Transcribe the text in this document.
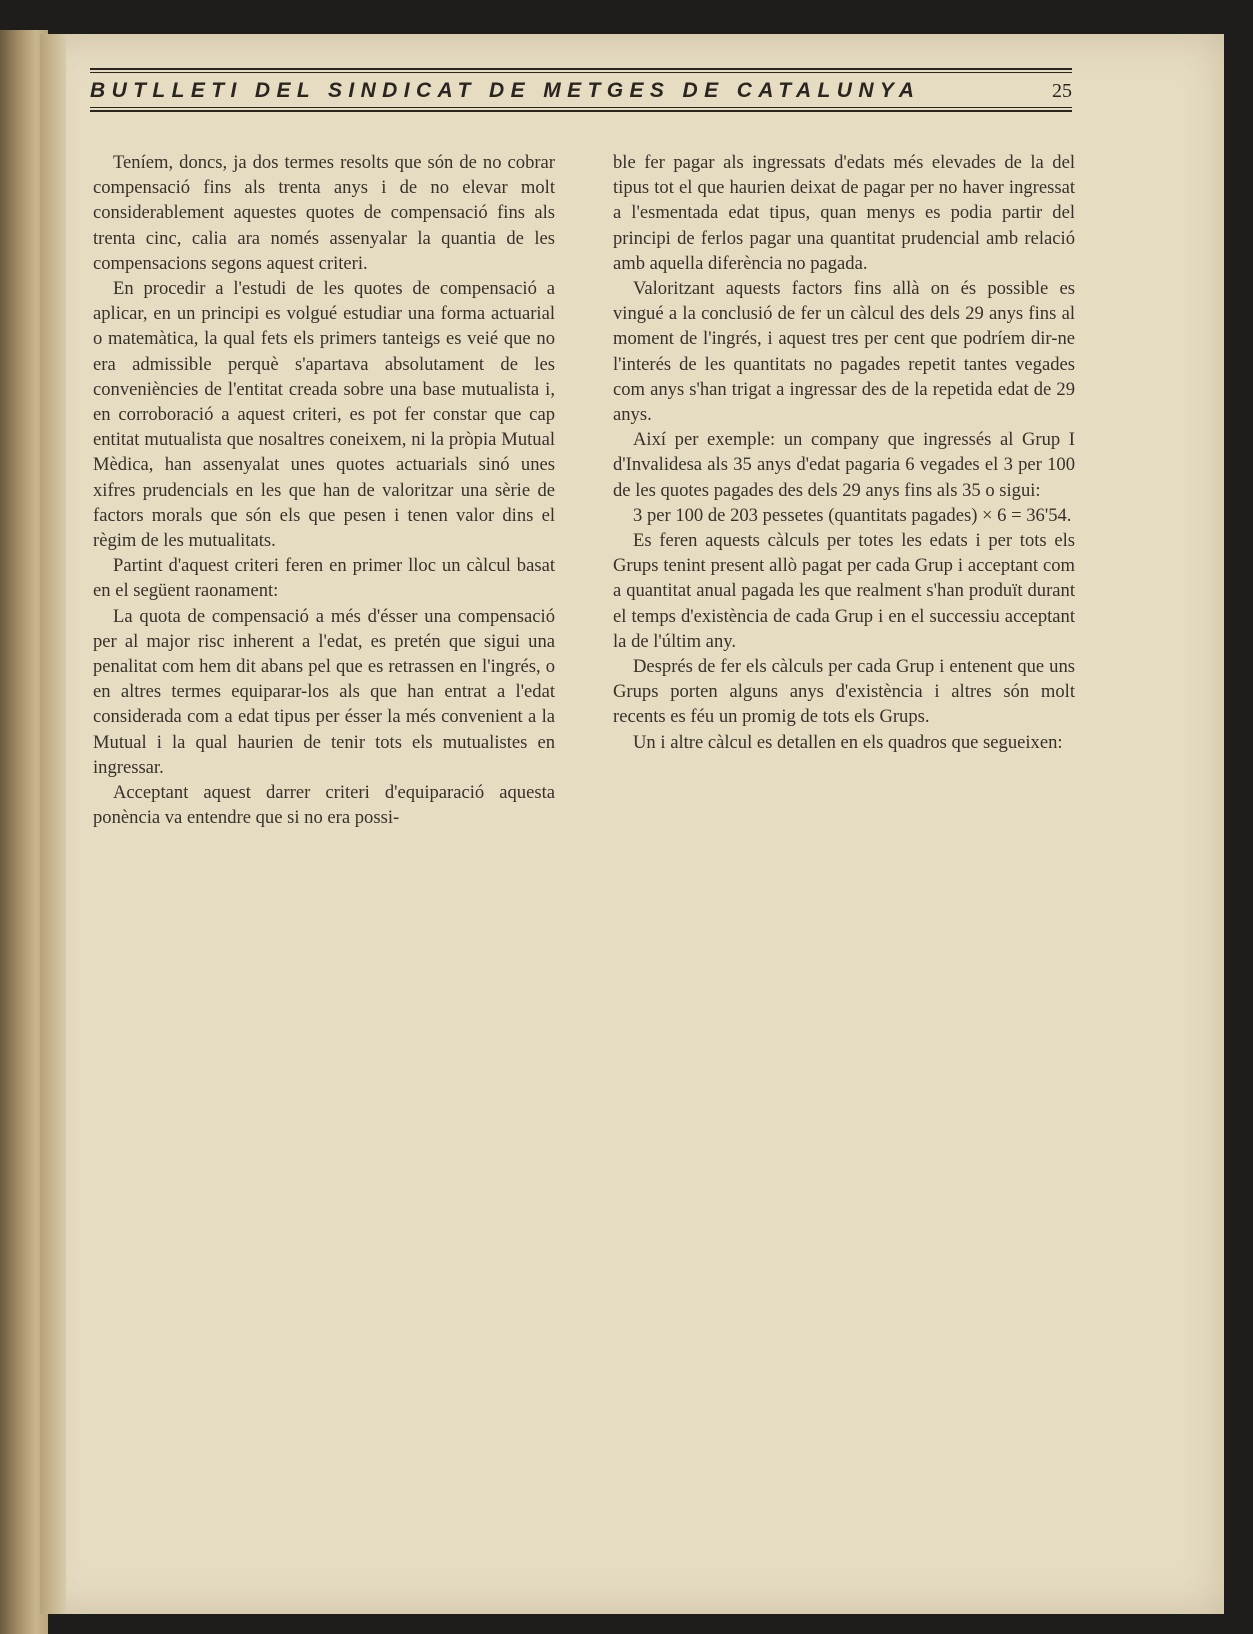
BUTLLETI DEL SINDICAT DE METGES DE CATALUNYA	25

Teníem, doncs, ja dos termes resolts que són de no cobrar compensació fins als trenta anys i de no elevar molt considerablement aquestes quotes de compensació fins als trenta cinc, calia ara només assenyalar la quantia de les compensacions segons aquest criteri.

En procedir a l'estudi de les quotes de compensació a aplicar, en un principi es volgué estudiar una forma actuarial o matemàtica, la qual fets els primers tanteigs es veié que no era admissible perquè s'apartava absolutament de les conveniències de l'entitat creada sobre una base mutualista i, en corroboració a aquest criteri, es pot fer constar que cap entitat mutualista que nosaltres coneixem, ni la pròpia Mutual Mèdica, han assenyalat unes quotes actuarials sinó unes xifres prudencials en les que han de valoritzar una sèrie de factors morals que són els que pesen i tenen valor dins el règim de les mutualitats.

Partint d'aquest criteri feren en primer lloc un càlcul basat en el següent raonament:

La quota de compensació a més d'ésser una compensació per al major risc inherent a l'edat, es pretén que sigui una penalitat com hem dit abans pel que es retrassen en l'ingrés, o en altres termes equiparar-los als que han entrat a l'edat considerada com a edat tipus per ésser la més convenient a la Mutual i la qual haurien de tenir tots els mutualistes en ingressar.

Acceptant aquest darrer criteri d'equiparació aquesta ponència va entendre que si no era possi-

ble fer pagar als ingressats d'edats més elevades de la del tipus tot el que haurien deixat de pagar per no haver ingressat a l'esmentada edat tipus, quan menys es podia partir del principi de ferlos pagar una quantitat prudencial amb relació amb aquella diferència no pagada.

Valoritzant aquests factors fins allà on és possible es vingué a la conclusió de fer un càlcul des dels 29 anys fins al moment de l'ingrés, i aquest tres per cent que podríem dir-ne l'interés de les quantitats no pagades repetit tantes vegades com anys s'han trigat a ingressar des de la repetida edat de 29 anys.

Així per exemple: un company que ingressés al Grup I d'Invalidesa als 35 anys d'edat pagaria 6 vegades el 3 per 100 de les quotes pagades des dels 29 anys fins als 35 o sigui:

3 per 100 de 203 pessetes (quantitats pagades) × 6 = 36'54.

Es feren aquests càlculs per totes les edats i per tots els Grups tenint present allò pagat per cada Grup i acceptant com a quantitat anual pagada les que realment s'han produït durant el temps d'existència de cada Grup i en el successiu acceptant la de l'últim any.

Després de fer els càlculs per cada Grup i entenent que uns Grups porten alguns anys d'existència i altres són molt recents es féu un promig de tots els Grups.

Un i altre càlcul es detallen en els quadros que segueixen:
